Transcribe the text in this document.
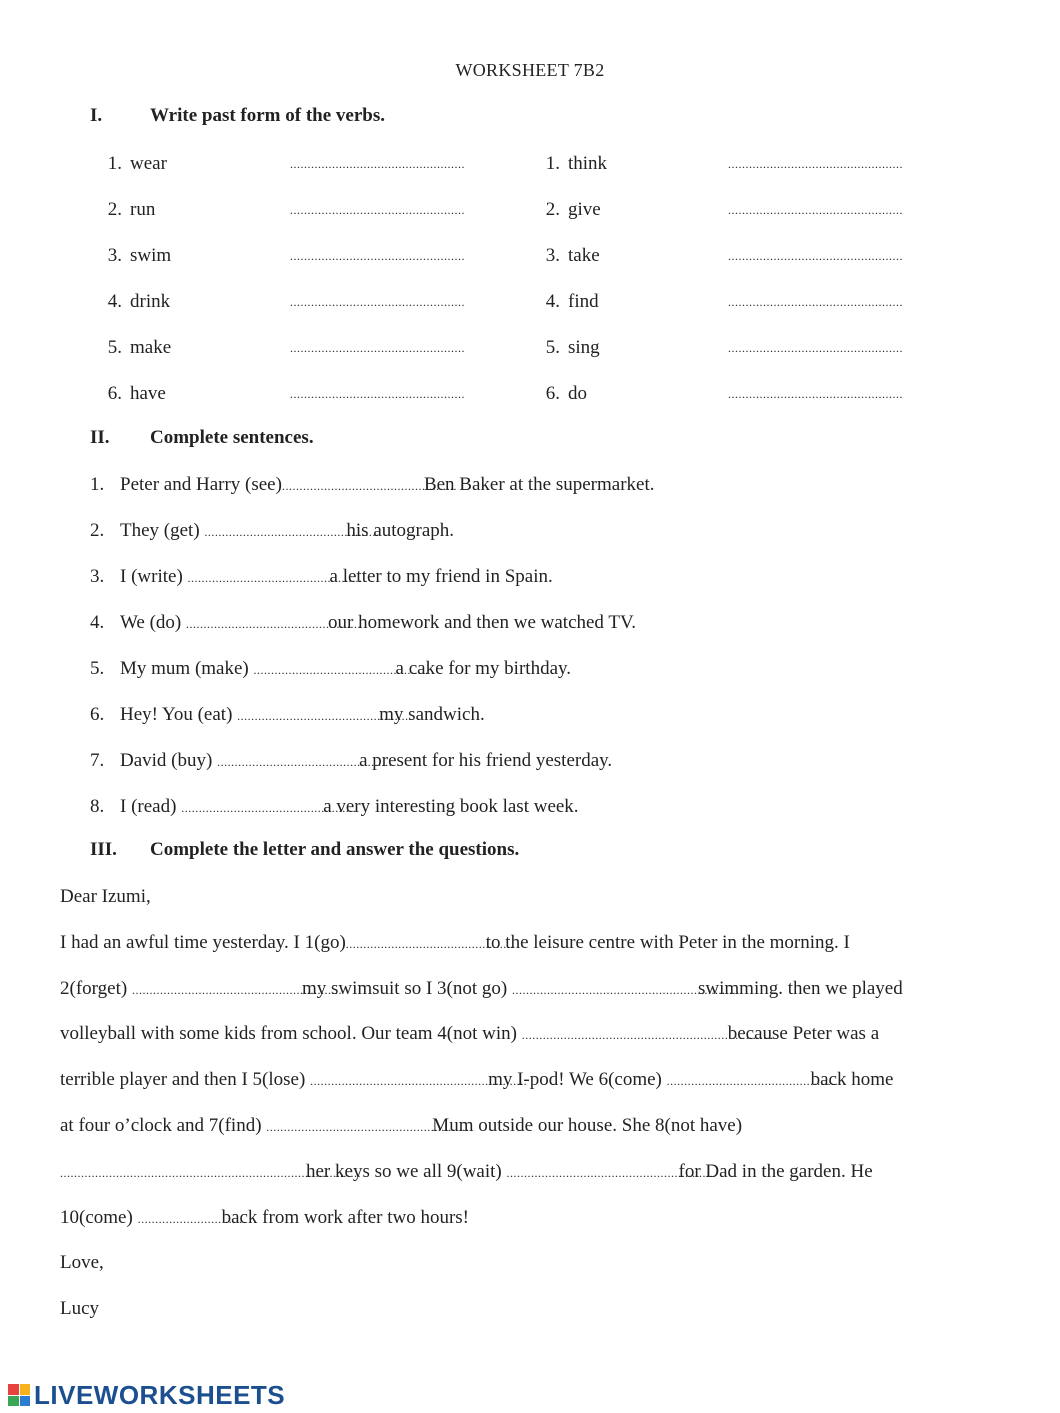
WORKSHEET 7B2
I.	Write past form of the verbs.
1. wear	..................................................
2. run	..................................................
3. swim	..................................................
4. drink	..................................................
5. make	..................................................
6. have	..................................................
1. think	..................................................
2. give	..................................................
3. take	..................................................
4. find	..................................................
5. sing	..................................................
6. do	..................................................
II. Complete sentences.
1. Peter and Harry (see)..................................................Ben Baker at the supermarket.
2. They (get) ..................................................his autograph.
3. I (write) ..................................................a letter to my friend in Spain.
4. We (do) ..................................................our homework and then we watched TV.
5. My mum (make) ..................................................a cake for my birthday.
6. Hey! You (eat) ..................................................my sandwich.
7. David (buy) ..................................................a present for his friend yesterday.
8. I (read) ..................................................a very interesting book last week.
III. Complete the letter and answer the questions.
Dear Izumi,
I had an awful time yesterday. I 1(go)................................................to the leisure centre with Peter in the morning. I
2(forget) ............................................................my swimsuit so I 3(not go) ..................................................................swimming. then we played
volleyball with some kids from school. Our team 4(not win) ........................................................................because Peter was a
terrible player and then I 5(lose) ..............................................................my I-pod! We 6(come) ..................................................back home
at four o’clock and 7(find) ..........................................................Mum outside our house. She 8(not have)
......................................................................................her keys so we all 9(wait) ............................................................for Dad in the garden. He
10(come) ..............................back from work after two hours!
Love,
Lucy
LIVEWORKSHEETS
